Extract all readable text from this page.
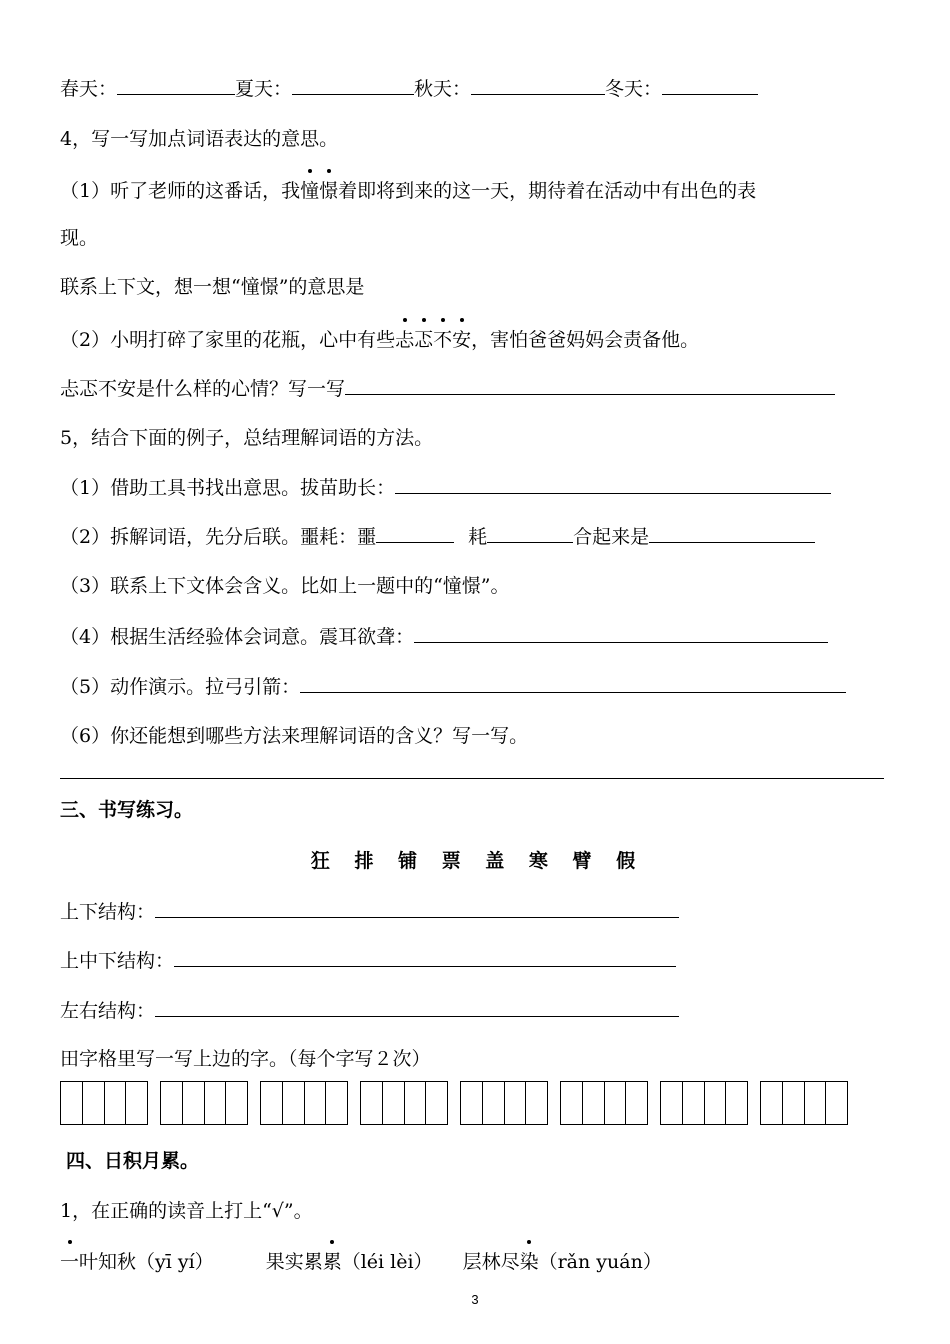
春天：	夏天：	秋天：	冬天：
4，写一写加点词语表达的意思。
（1）听了老师的这番话，我憧憬着即将到来的这一天，期待着在活动中有出色的表
现。
联系上下文，想一想“憧憬”的意思是
（2）小明打碎了家里的花瓶，心中有些忐忑不安，害怕爸爸妈妈会责备他。
忐忑不安是什么样的心情？写一写
5，结合下面的例子，总结理解词语的方法。
（1）借助工具书找出意思。拔苗助长：
（2）拆解词语，先分后联。噩耗：噩	耗	合起来是
（3）联系上下文体会含义。比如上一题中的“憧憬”。
（4）根据生活经验体会词意。震耳欲聋：
（5）动作演示。拉弓引箭：
（6）你还能想到哪些方法来理解词语的含义？写一写。
三、书写练习。
狂 排 铺 票 盖 寒 臂 假
上下结构：
上中下结构：
左右结构：
田字格里写一写上边的字。（每个字写２次）
四、日积月累。
1，在正确的读音上打上“√”。
一叶知秋（yī yí）	果实累累（léi lèi） 层林尽染（rǎn yuán）
3
